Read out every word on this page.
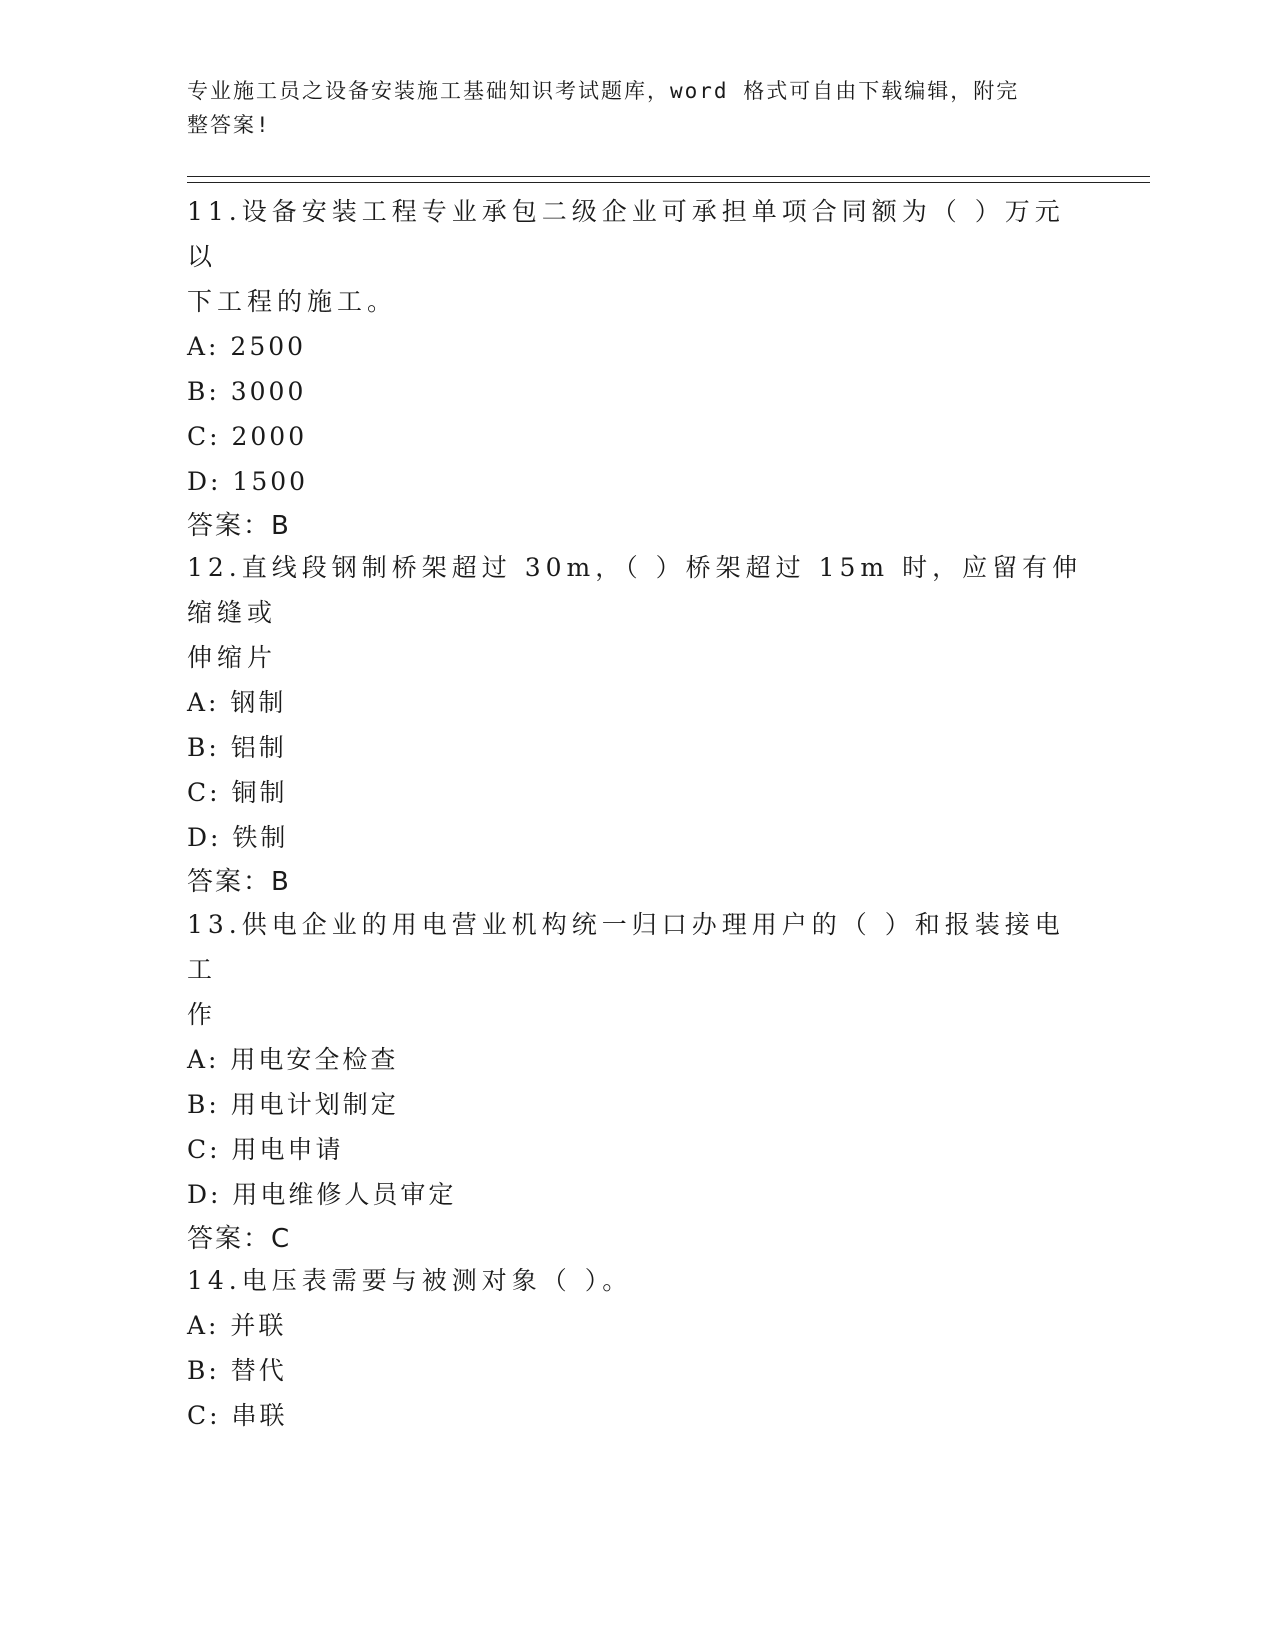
专业施工员之设备安装施工基础知识考试题库，word 格式可自由下载编辑，附完
整答案!
11.设备安装工程专业承包二级企业可承担单项合同额为（ ）万元以
下工程的施工。
A: 2500
B: 3000
C: 2000
D: 1500
答案：B
12.直线段钢制桥架超过 30m，（ ）桥架超过 15m 时，应留有伸缩缝或
伸缩片
A: 钢制
B: 铝制
C: 铜制
D: 铁制
答案：B
13.供电企业的用电营业机构统一归口办理用户的（ ）和报装接电工
作
A: 用电安全检查
B: 用电计划制定
C: 用电申请
D: 用电维修人员审定
答案：C
14.电压表需要与被测对象（ ）。
A: 并联
B: 替代
C: 串联
